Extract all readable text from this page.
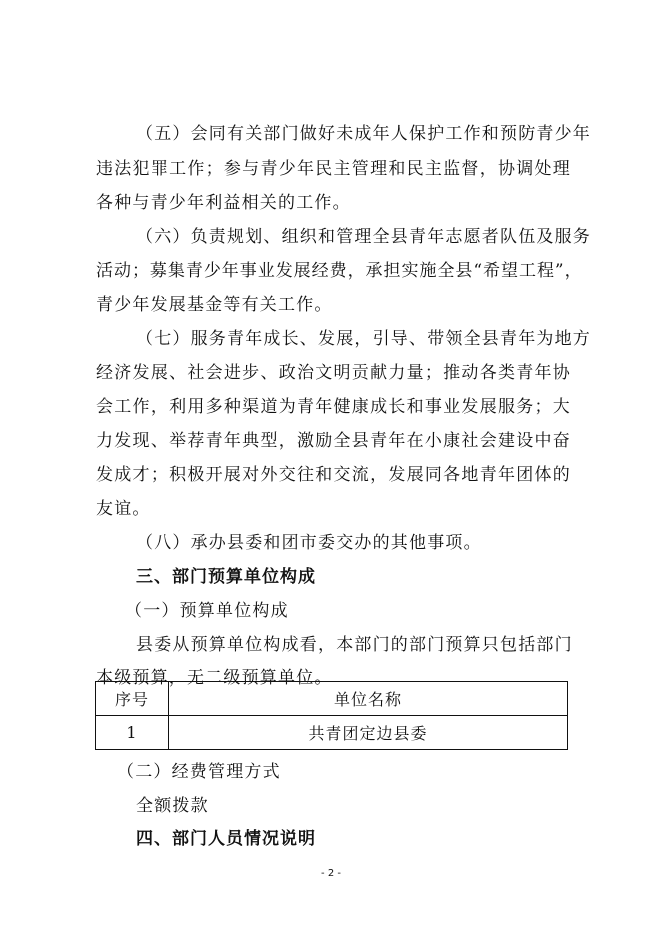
（五）会同有关部门做好未成年人保护工作和预防青少年
违法犯罪工作；参与青少年民主管理和民主监督，协调处理
各种与青少年利益相关的工作。
（六）负责规划、组织和管理全县青年志愿者队伍及服务
活动；募集青少年事业发展经费，承担实施全县“希望工程”，
青少年发展基金等有关工作。
（七）服务青年成长、发展，引导、带领全县青年为地方
经济发展、社会进步、政治文明贡献力量；推动各类青年协
会工作，利用多种渠道为青年健康成长和事业发展服务；大
力发现、举荐青年典型，激励全县青年在小康社会建设中奋
发成才；积极开展对外交往和交流，发展同各地青年团体的
友谊。
（八）承办县委和团市委交办的其他事项。
三、部门预算单位构成
（一）预算单位构成
县委从预算单位构成看，本部门的部门预算只包括部门
本级预算，无二级预算单位。
序号	单位名称
1	共青团定边县委
（二）经费管理方式
全额拨款
四、部门人员情况说明
- 2 -
